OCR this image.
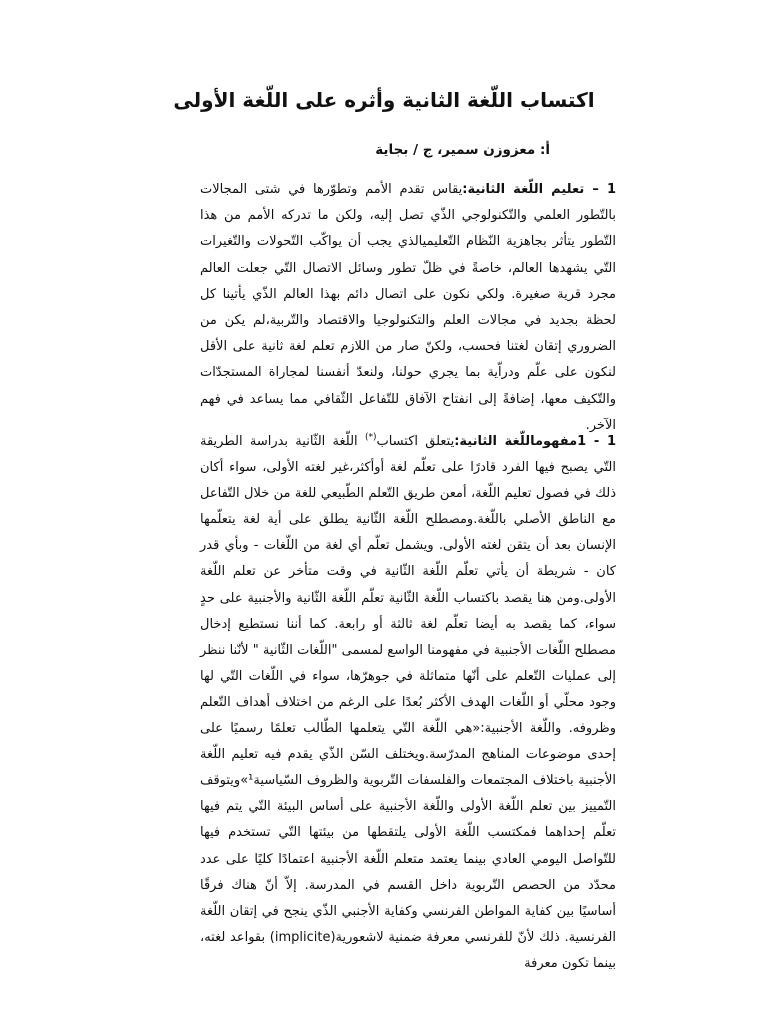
اكتساب اللّغة الثانية وأثره على اللّغة الأولى

أ: معزوزن سمير، ج / بجاية

1 – تعليم اللّغة الثانية:يقاس تقدم الأمم وتطوّرها في شتى المجالات بالتّطور العلمي والتّكنولوجي الذّي تصل إليه، ولكن ما تدركه الأمم من هذا التّطور يتأثر بجاهزية النّظام التّعليميالذي يجب أن يواكّب التّحولات والتّغيرات التّي يشهدها العالم، خاصةً في ظلّ تطور وسائل الاتصال التّي جعلت العالم مجرد قرية صغيرة. ولكي نكون على اتصال دائم بهذا العالم الذّي يأتينا كل لحظة بجديد في مجالات العلم والتكنولوجيا والاقتصاد والتّربية،لم يكن من الضروري إتقان لغتنا فحسب، ولكنّ صار من اللازم تعلم لغة ثانية على الأقل لنكون على علّم ودراّية بما يجري حولنا، ولنعدّ أنفسنا لمجاراة المستجدّات والتّكيف معها، إضافةً إلى انفتاح الآفاق للتّفاعل الثّقافي مما يساعد في فهم الآخر.

1 - 1مفهوماللّغة الثانية:يتعلق اكتساب(*) اللّغة الثّانية بدراسة الطريقة التّي يصبح فيها الفرد قادرًا على تعلّم لغة أوأكثر،غير لغته الأولى، سواء أكان ذلك في فصول تعليم اللّغة، أمعن طريق التّعلم الطّبيعي للغة من خلال التّفاعل مع الناطق الأصلي باللّغة.ومصطلح اللّغة الثّانية يطلق على أية لغة يتعلّمها الإنسان بعد أن يتقن لغته الأولى. ويشمل تعلّم أي لغة من اللّغات - وبأي قدر كان - شريطة أن يأتي تعلّم اللّغة الثّانية في وقت متأخر عن تعلم اللّغة الأولى.ومن هنا يقصد باكتساب اللّغة الثّانية تعلّم اللّغة الثّانية والأجنبية على حدٍ سواء، كما يقصد به أيضا تعلّم لغة ثالثة أو رابعة. كما أننا نستطيع إدخال مصطلح اللّغات الأجنبية في مفهومنا الواسع لمسمى "اللّغات الثّانية " لأنّنا ننظر إلى عمليات التّعلم على أنّها متماثلة في جوهرّها، سواء في اللّغات التّي لها وجود محلّي أو اللّغات الهدف الأكثر بُعدًا على الرغم من اختلاف أهداف التّعلم وظروفه. واللّغة الأجنبية:«هي اللّغة التّي يتعلمها الطّالب تعلمًا رسميًا على إحدى موضوعات المناهج المدرّسة.ويختلف السّن الذّي يقدم فيه تعليم اللّغة الأجنبية باختلاف المجتمعات والفلسفات التّربوية والظروف السّياسية¹»ويتوقف التّمييز بين تعلم اللّغة الأولى واللّغة الأجنبية على أساس البيئة التّي يتم فيها تعلّم إحداهما فمكتسب اللّغة الأولى يلتقطها من بيئتها التّي تستخدم فيها للتّواصل اليومي العادي بينما يعتمد متعلم اللّغة الأجنبية اعتمادًا كليًا على عدد محدّد من الحصص التّربوية داخل القسم في المدرسة. إلاّ أنّ هناك فرقًا أساسيًا بين كفاية المواطن الفرنسي وكفاية الأجنبي الذّي ينجح في إتقان اللّغة الفرنسية. ذلك لأنّ للفرنسي معرفة ضمنية لاشعورية(implicite) بقواعد لغته، بينما تكون معرفة
